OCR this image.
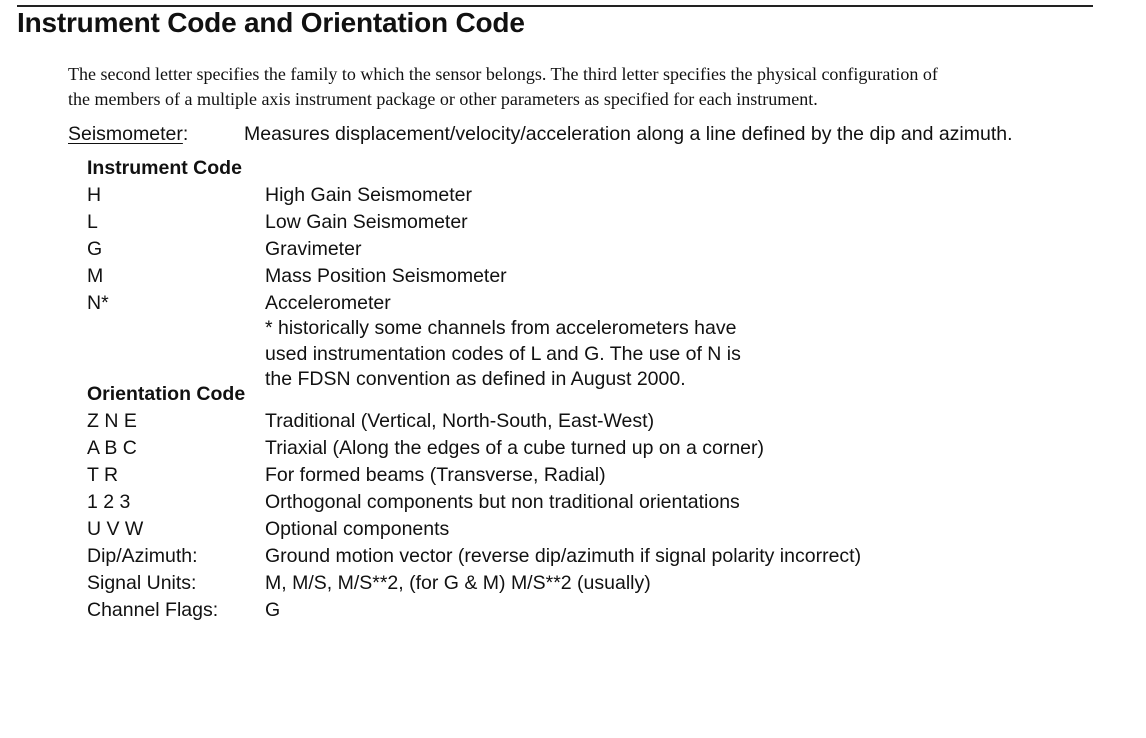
Instrument Code and Orientation Code

The second letter specifies the family to which the sensor belongs. The third letter specifies the physical configuration of

the members of a multiple axis instrument package or other parameters as specified for each instrument.

Seismometer:	Measures displacement/velocity/acceleration along a line defined by the dip and azimuth.
Instrument Code
H	High Gain Seismometer
L	Low Gain Seismometer
G	Gravimeter
M	Mass Position Seismometer
N*	Accelerometer
* historically some channels from accelerometers have
used instrumentation codes of L and G. The use of N is
the FDSN convention as defined in August 2000.
Orientation Code
Z N E	Traditional (Vertical, North-South, East-West)
A B C	Triaxial (Along the edges of a cube turned up on a corner)
T R	For formed beams (Transverse, Radial)
1 2 3	Orthogonal components but non traditional orientations
U V W	Optional components
Dip/Azimuth:	Ground motion vector (reverse dip/azimuth if signal polarity incorrect)
Signal Units:	M, M/S, M/S**2, (for G & M) M/S**2 (usually)
Channel Flags: G
